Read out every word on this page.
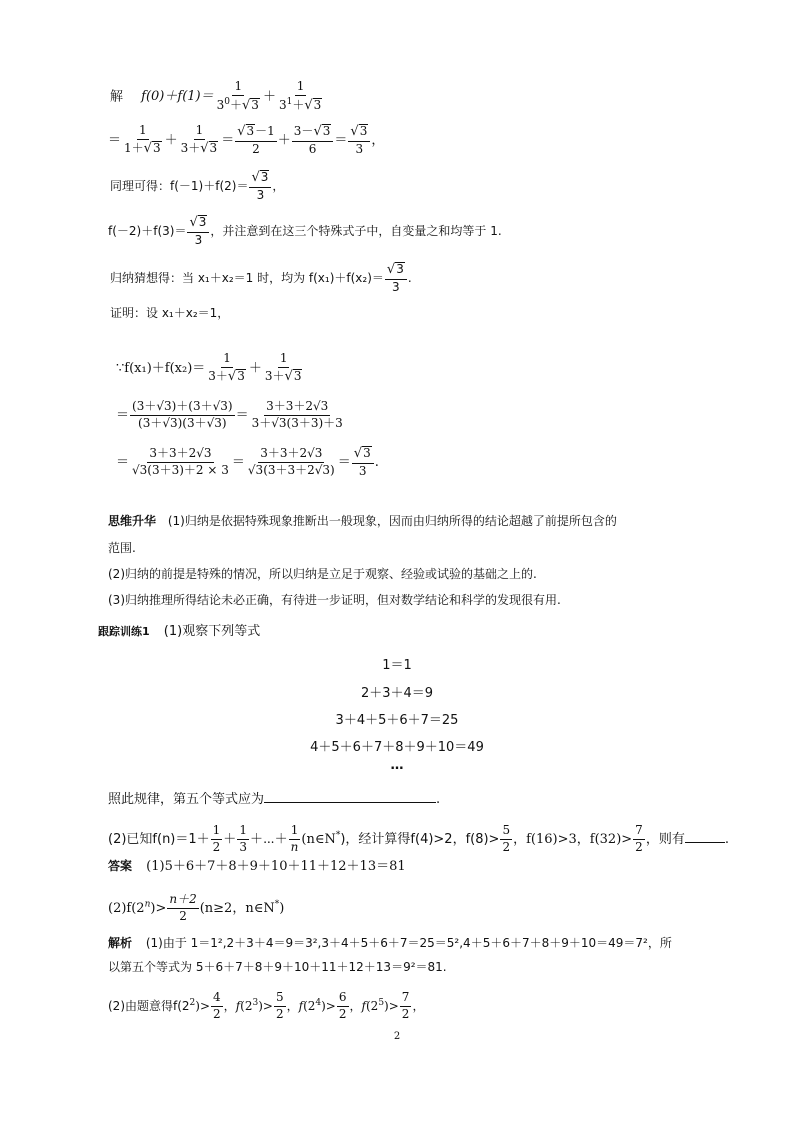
解 $f(0)+f(1)= \frac{1}{3^0+√3} + \frac{1}{3^1+√3}$
＝ $\frac{1}{1+√3} + \frac{1}{3+√3} = \frac{√3-1}{2} + \frac{3-√3}{6} = \frac{√3}{3}$ ，
同理可得：$f(-1)+f(2)= \frac{√3}{3}$ ，
$f(-2)+f(3)= \frac{√3}{3}$ ，并注意到在这三个特殊式子中，自变量之和均等于 1.
归纳猜想得：当 x₁＋x₂＝1 时，均为 $f(x_1)+f(x_2)= \frac{√3}{3}$ .
证明：设 x₁＋x₂＝1，
∵f(x₁)＋f(x₂)＝ $\frac{1}{3+√3} + \frac{1}{3+√3}$
＝ $\frac{(3+√3)+(3+√3)}{(3+√3)(3+√3)} = \frac{3+3+2√3}{3+√3(3+3)+3}$
＝ $\frac{3+3+2√3}{√3(3+3)+2 \times 3} = \frac{3+3+2√3}{√3(3+3+2√3)} = \frac{√3}{3}$ .
思维升华 (1)归纳是依据特殊现象推断出一般现象，因而由归纳所得的结论超越了前提所包含的
范围.
(2)归纳的前提是特殊的情况，所以归纳是立足于观察、经验或试验的基础之上的.
(3)归纳推理所得结论未必正确，有待进一步证明，但对数学结论和科学的发现很有用.
跟踪训练1 (1)观察下列等式
1＝1
2＋3＋4＝9
3＋4＋5＋6＋7＝25
4＋5＋6＋7＋8＋9＋10＝49
…
照此规律，第五个等式应为	.
(2)已知$f(n)=1+ \frac{1}{2} + \frac{1}{3}$ ＋⋯＋ $\frac{1}{n}$ (n∈N*)，经计算得f(4)>2，$f(8)> \frac{5}{2}$ ，f(16)>3，$f(32)> \frac{7}{2}$ ，则有	.
答案 (1)5＋6＋7＋8＋9＋10＋11＋12＋13＝81
$(2)f(2^n)> \frac{n+2}{2} (n\ge 2$，n∈N*)
解析 (1)由于 1＝1²,2＋3＋4＝9＝3²,3＋4＋5＋6＋7＝25＝5²,4＋5＋6＋7＋8＋9＋10＝49＝7²，所
以第五个等式为 5＋6＋7＋8＋9＋10＋11＋12＋13＝9²＝81.
(2)由题意得$f(2^2)> \frac{4}{2}$ ，$f(2^3)> \frac{5}{2}$ ，$f(2^4)> \frac{6}{2}$ ，$f(2^5)> \frac{7}{2}$ ，
2
